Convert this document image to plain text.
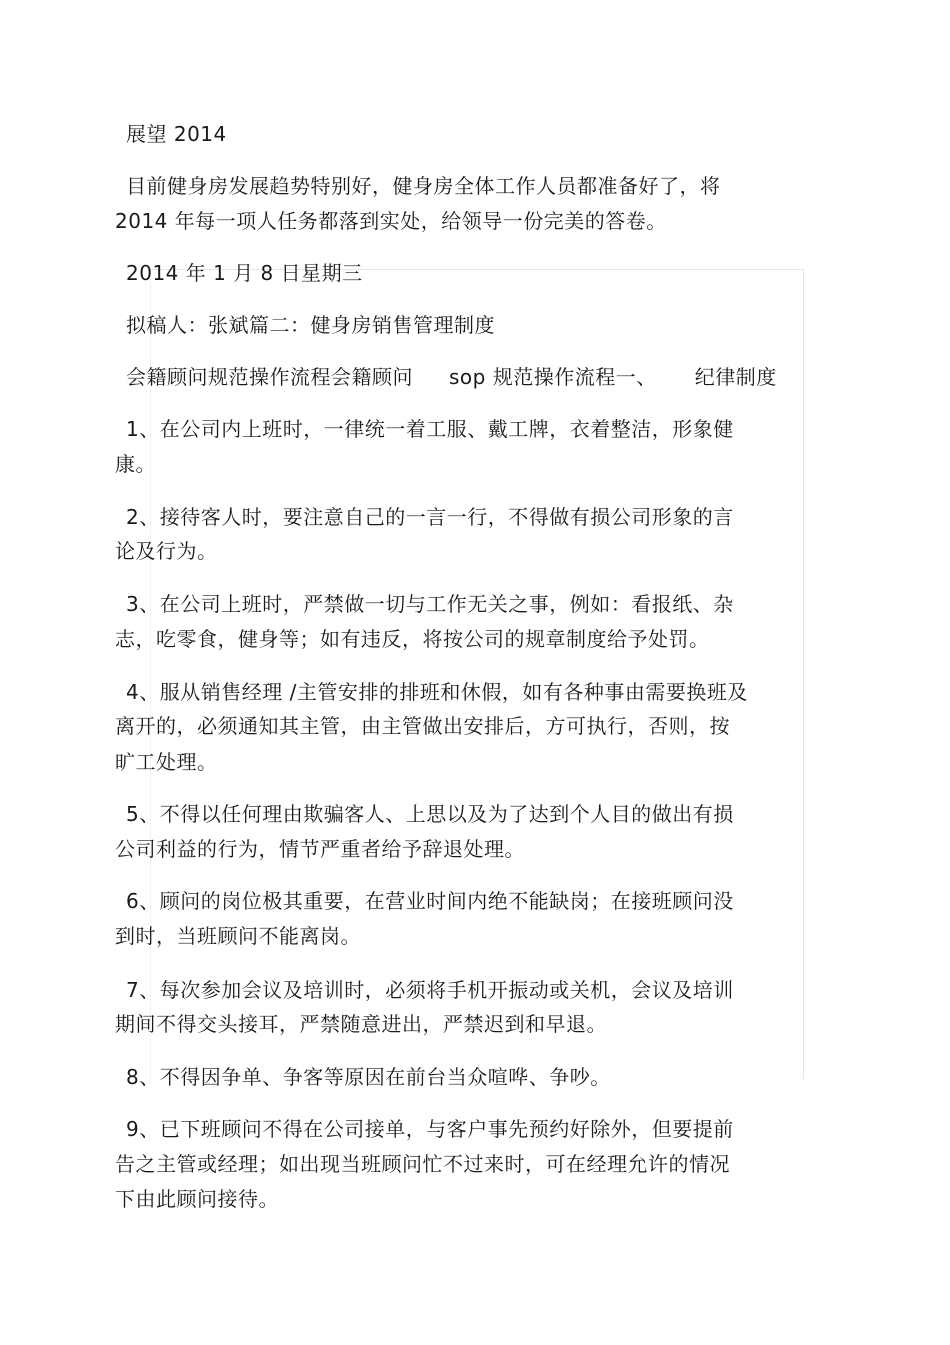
展望 2014
目前健身房发展趋势特别好，健身房全体工作人员都准备好了，将
2014 年每一项人任务都落到实处，给领导一份完美的答卷。
2014 年 1 月 8 日星期三
拟稿人：张斌篇二：健身房销售管理制度
会籍顾问规范操作流程会籍顾问 sop 规范操作流程一、 纪律制度
1、在公司内上班时，一律统一着工服、戴工牌，衣着整洁，形象健
康。
2、接待客人时，要注意自己的一言一行，不得做有损公司形象的言
论及行为。
3、在公司上班时，严禁做一切与工作无关之事，例如：看报纸、杂
志，吃零食，健身等；如有违反，将按公司的规章制度给予处罚。
4、服从销售经理 /主管安排的排班和休假，如有各种事由需要换班及
离开的，必须通知其主管，由主管做出安排后，方可执行，否则，按
旷工处理。
5、不得以任何理由欺骗客人、上思以及为了达到个人目的做出有损
公司利益的行为，情节严重者给予辞退处理。
6、顾问的岗位极其重要，在营业时间内绝不能缺岗；在接班顾问没
到时，当班顾问不能离岗。
7、每次参加会议及培训时，必须将手机开振动或关机，会议及培训
期间不得交头接耳，严禁随意进出，严禁迟到和早退。
8、不得因争单、争客等原因在前台当众喧哗、争吵。
9、已下班顾问不得在公司接单，与客户事先预约好除外，但要提前
告之主管或经理；如出现当班顾问忙不过来时，可在经理允许的情况
下由此顾问接待。
